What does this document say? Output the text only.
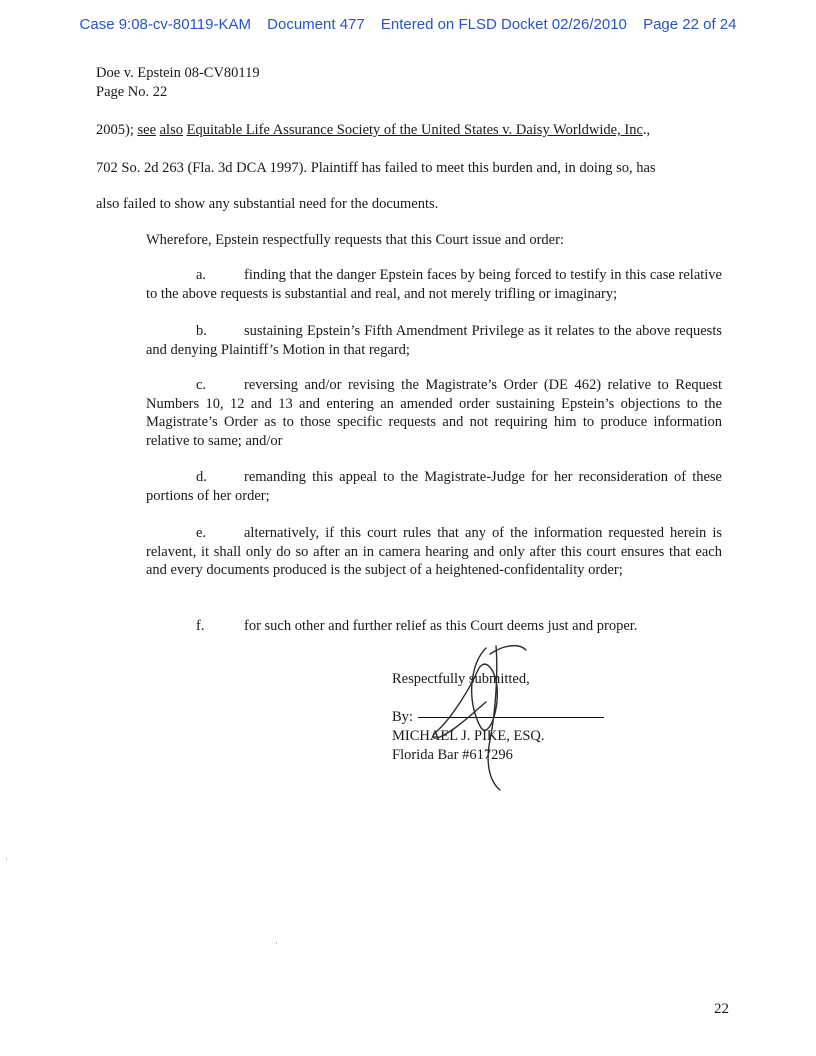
Case 9:08-cv-80119-KAM Document 477 Entered on FLSD Docket 02/26/2010 Page 22 of 24
Doe v. Epstein 08-CV80119
Page No. 22
2005); see also Equitable Life Assurance Society of the United States v. Daisy Worldwide, Inc.,
702 So. 2d 263 (Fla. 3d DCA 1997). Plaintiff has failed to meet this burden and, in doing so, has
also failed to show any substantial need for the documents.
Wherefore, Epstein respectfully requests that this Court issue and order:
a.	finding that the danger Epstein faces by being forced to testify in this case relative to the above requests is substantial and real, and not merely trifling or imaginary;
b.	sustaining Epstein’s Fifth Amendment Privilege as it relates to the above requests and denying Plaintiff’s Motion in that regard;
c.	reversing and/or revising the Magistrate’s Order (DE 462) relative to Request Numbers 10, 12 and 13 and entering an amended order sustaining Epstein’s objections to the Magistrate’s Order as to those specific requests and not requiring him to produce information relative to same; and/or
d.	remanding this appeal to the Magistrate-Judge for her reconsideration of these portions of her order;
e.	alternatively, if this court rules that any of the information requested herein is relavent, it shall only do so after an in camera hearing and only after this court ensures that each and every documents produced is the subject of a heightened-confidentality order;
f.	for such other and further relief as this Court deems just and proper.
Respectfully submitted,
By:
MICHAEL J. PIKE, ESQ.
Florida Bar #617296
22
